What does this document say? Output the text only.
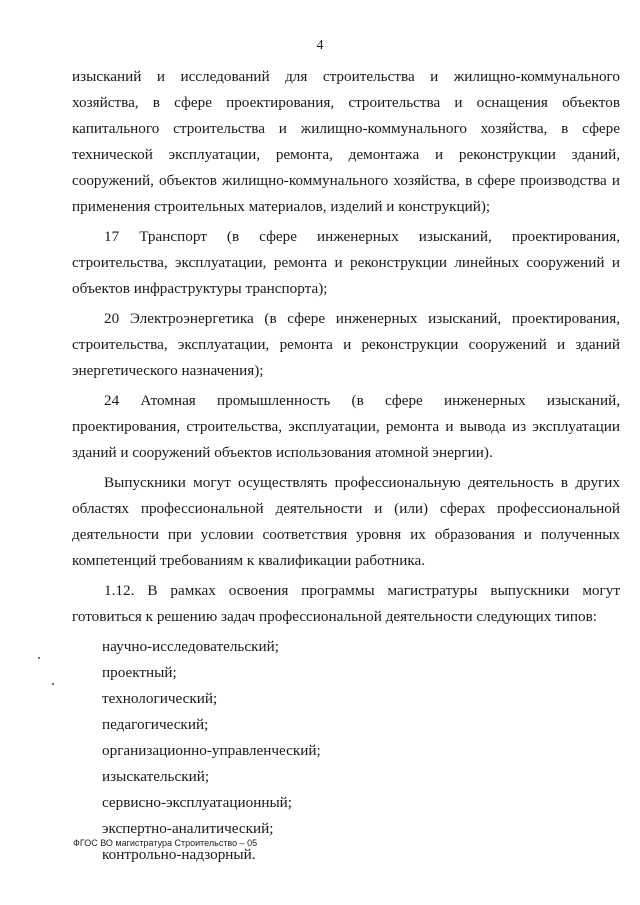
4

изысканий и исследований для строительства и жилищно-коммунального хозяйства, в сфере проектирования, строительства и оснащения объектов капитального строительства и жилищно-коммунального хозяйства, в сфере технической эксплуатации, ремонта, демонтажа и реконструкции зданий, сооружений, объектов жилищно-коммунального хозяйства, в сфере производства и применения строительных материалов, изделий и конструкций);

17 Транспорт (в сфере инженерных изысканий, проектирования, строительства, эксплуатации, ремонта и реконструкции линейных сооружений и объектов инфраструктуры транспорта);

20 Электроэнергетика (в сфере инженерных изысканий, проектирования, строительства, эксплуатации, ремонта и реконструкции сооружений и зданий энергетического назначения);

24 Атомная промышленность (в сфере инженерных изысканий, проектирования, строительства, эксплуатации, ремонта и вывода из эксплуатации зданий и сооружений объектов использования атомной энергии).

Выпускники могут осуществлять профессиональную деятельность в других областях профессиональной деятельности и (или) сферах профессиональной деятельности при условии соответствия уровня их образования и полученных компетенций требованиям к квалификации работника.

1.12. В рамках освоения программы магистратуры выпускники могут готовиться к решению задач профессиональной деятельности следующих типов:

научно-исследовательский;
проектный;
технологический;
педагогический;
организационно-управленческий;
изыскательский;
сервисно-эксплуатационный;
экспертно-аналитический;
контрольно-надзорный.
ФГОС ВО магистратура Строительство – 05
